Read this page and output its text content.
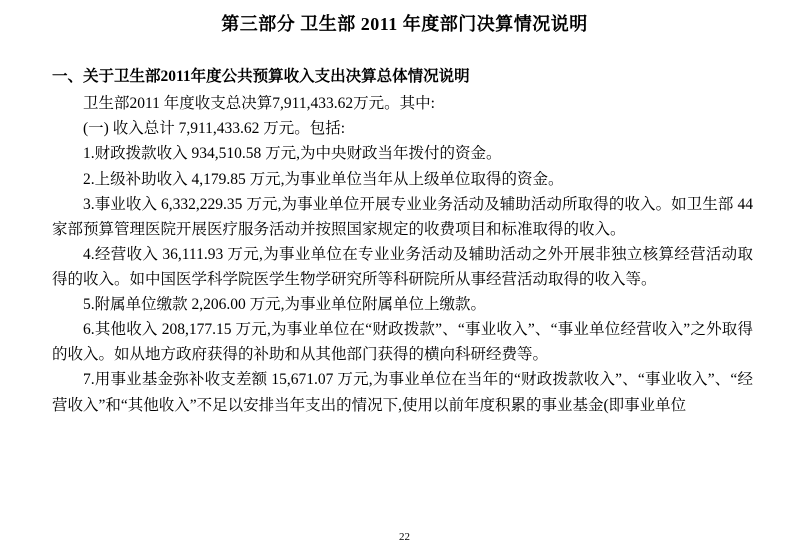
第三部分 卫生部 2011 年度部门决算情况说明
一、关于卫生部2011年度公共预算收入支出决算总体情况说明

卫生部2011 年度收支总决算7,911,433.62万元。其中:

(一) 收入总计 7,911,433.62 万元。包括:

1.财政拨款收入 934,510.58 万元,为中央财政当年拨付的资金。

2.上级补助收入 4,179.85 万元,为事业单位当年从上级单位取得的资金。

3.事业收入 6,332,229.35 万元,为事业单位开展专业业务活动及辅助活动所取得的收入。如卫生部 44 家部预算管理医院开展医疗服务活动并按照国家规定的收费项目和标准取得的收入。

4.经营收入 36,111.93 万元,为事业单位在专业业务活动及辅助活动之外开展非独立核算经营活动取得的收入。如中国医学科学院医学生物学研究所等科研院所从事经营活动取得的收入等。

5.附属单位缴款 2,206.00 万元,为事业单位附属单位上缴款。

6.其他收入 208,177.15 万元,为事业单位在“财政拨款”、“事业收入”、“事业单位经营收入”之外取得的收入。如从地方政府获得的补助和从其他部门获得的横向科研经费等。

7.用事业基金弥补收支差额 15,671.07 万元,为事业单位在当年的“财政拨款收入”、“事业收入”、“经营收入”和“其他收入”不足以安排当年支出的情况下,使用以前年度积累的事业基金(即事业单位

22
